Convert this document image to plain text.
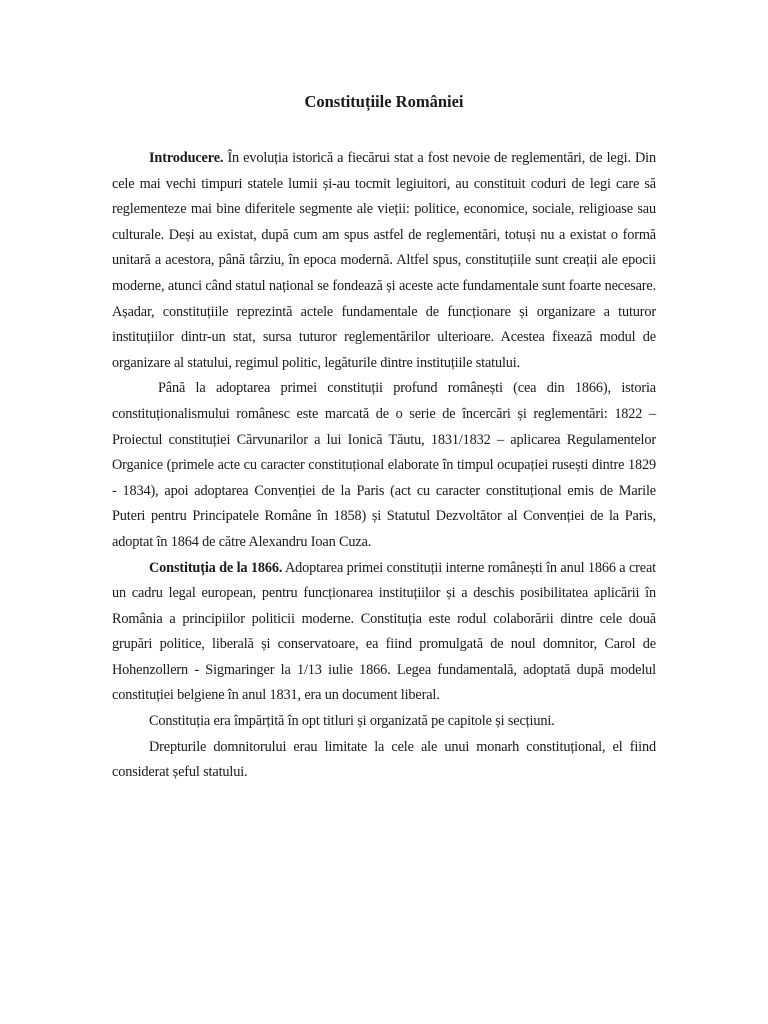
Constituțiile României

Introducere. În evoluția istorică a fiecărui stat a fost nevoie de reglementări, de legi. Din cele mai vechi timpuri statele lumii și-au tocmit legiuitori, au constituit coduri de legi care să reglementeze mai bine diferitele segmente ale vieții: politice, economice, sociale, religioase sau culturale. Deși au existat, după cum am spus astfel de reglementări, totuși nu a existat o formă unitară a acestora, până târziu, în epoca modernă. Altfel spus, constituțiile sunt creații ale epocii moderne, atunci când statul național se fondează și aceste acte fundamentale sunt foarte necesare. Așadar, constituțiile reprezintă actele fundamentale de funcționare și organizare a tuturor instituțiilor dintr-un stat, sursa tuturor reglementărilor ulterioare. Acestea fixează modul de organizare al statului, regimul politic, legăturile dintre instituțiile statului.

Până la adoptarea primei constituții profund românești (cea din 1866), istoria constituționalismului românesc este marcată de o serie de încercări și reglementări: 1822 – Proiectul constituției Cărvunarilor a lui Ionică Tăutu, 1831/1832 – aplicarea Regulamentelor Organice (primele acte cu caracter constituțional elaborate în timpul ocupației rusești dintre 1829 - 1834), apoi adoptarea Convenției de la Paris (act cu caracter constituțional emis de Marile Puteri pentru Principatele Române în 1858) și Statutul Dezvoltător al Convenției de la Paris, adoptat în 1864 de către Alexandru Ioan Cuza.

Constituția de la 1866. Adoptarea primei constituții interne românești în anul 1866 a creat un cadru legal european, pentru funcționarea instituțiilor și a deschis posibilitatea aplicării în România a principiilor politicii moderne. Constituția este rodul colaborării dintre cele două grupări politice, liberală și conservatoare, ea fiind promulgată de noul domnitor, Carol de Hohenzollern - Sigmaringer la 1/13 iulie 1866. Legea fundamentală, adoptată după modelul constituției belgiene în anul 1831, era un document liberal.

Constituția era împărțită în opt titluri și organizată pe capitole și secțiuni.

Drepturile domnitorului erau limitate la cele ale unui monarh constituțional, el fiind considerat șeful statului.
